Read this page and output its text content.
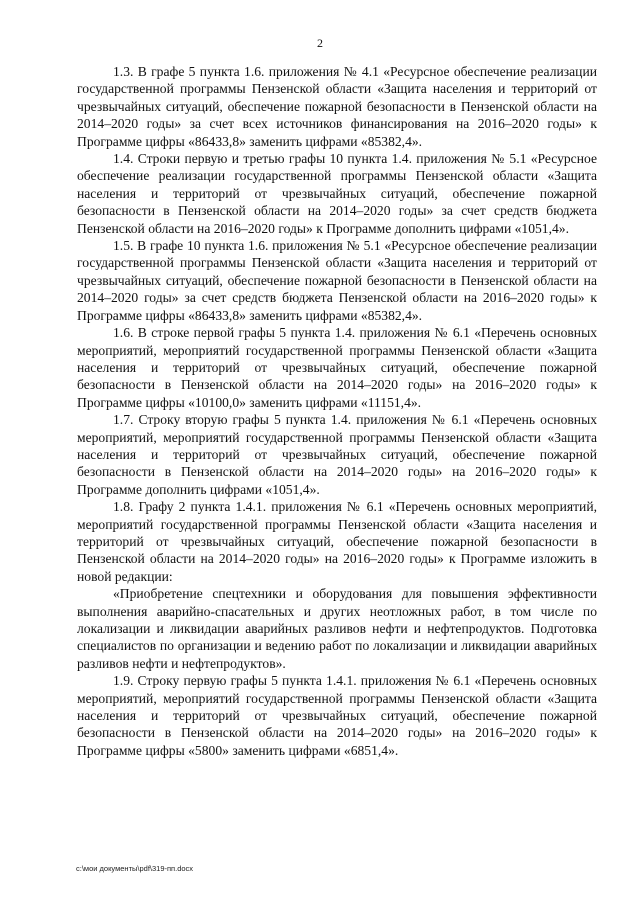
2

1.3. В графе 5 пункта 1.6. приложения № 4.1 «Ресурсное обеспечение реализации государственной программы Пензенской области «Защита населения и территорий от чрезвычайных ситуаций, обеспечение пожарной безопасности в Пензенской области на 2014–2020 годы» за счет всех источников финансирования на 2016–2020 годы» к Программе цифры «86433,8» заменить цифрами «85382,4».

1.4. Строки первую и третью графы 10 пункта 1.4. приложения № 5.1 «Ресурсное обеспечение реализации государственной программы Пензенской области «Защита населения и территорий от чрезвычайных ситуаций, обеспечение пожарной безопасности в Пензенской области на 2014–2020 годы» за счет средств бюджета Пензенской области на 2016–2020 годы» к Программе дополнить цифрами «1051,4».

1.5. В графе 10 пункта 1.6. приложения № 5.1 «Ресурсное обеспечение реализации государственной программы Пензенской области «Защита населения и территорий от чрезвычайных ситуаций, обеспечение пожарной безопасности в Пензенской области на 2014–2020 годы» за счет средств бюджета Пензенской области на 2016–2020 годы» к Программе цифры «86433,8» заменить цифрами «85382,4».

1.6. В строке первой графы 5 пункта 1.4. приложения № 6.1 «Перечень основных мероприятий, мероприятий государственной программы Пензенской области «Защита населения и территорий от чрезвычайных ситуаций, обеспечение пожарной безопасности в Пензенской области на 2014–2020 годы» на 2016–2020 годы» к Программе цифры «10100,0» заменить цифрами «11151,4».

1.7. Строку вторую графы 5 пункта 1.4. приложения № 6.1 «Перечень основных мероприятий, мероприятий государственной программы Пензенской области «Защита населения и территорий от чрезвычайных ситуаций, обеспечение пожарной безопасности в Пензенской области на 2014–2020 годы» на 2016–2020 годы» к Программе дополнить цифрами «1051,4».

1.8. Графу 2 пункта 1.4.1. приложения № 6.1 «Перечень основных мероприятий, мероприятий государственной программы Пензенской области «Защита населения и территорий от чрезвычайных ситуаций, обеспечение пожарной безопасности в Пензенской области на 2014–2020 годы» на 2016–2020 годы» к Программе изложить в новой редакции:

«Приобретение спецтехники и оборудования для повышения эффективности выполнения аварийно-спасательных и других неотложных работ, в том числе по локализации и ликвидации аварийных разливов нефти и нефтепродуктов. Подготовка специалистов по организации и ведению работ по локализации и ликвидации аварийных разливов нефти и нефтепродуктов».

1.9. Строку первую графы 5 пункта 1.4.1. приложения № 6.1 «Перечень основных мероприятий, мероприятий государственной программы Пензенской области «Защита населения и территорий от чрезвычайных ситуаций, обеспечение пожарной безопасности в Пензенской области на 2014–2020 годы» на 2016–2020 годы» к Программе цифры «5800» заменить цифрами «6851,4».

c:\мои документы\pdf\319-пп.docx
